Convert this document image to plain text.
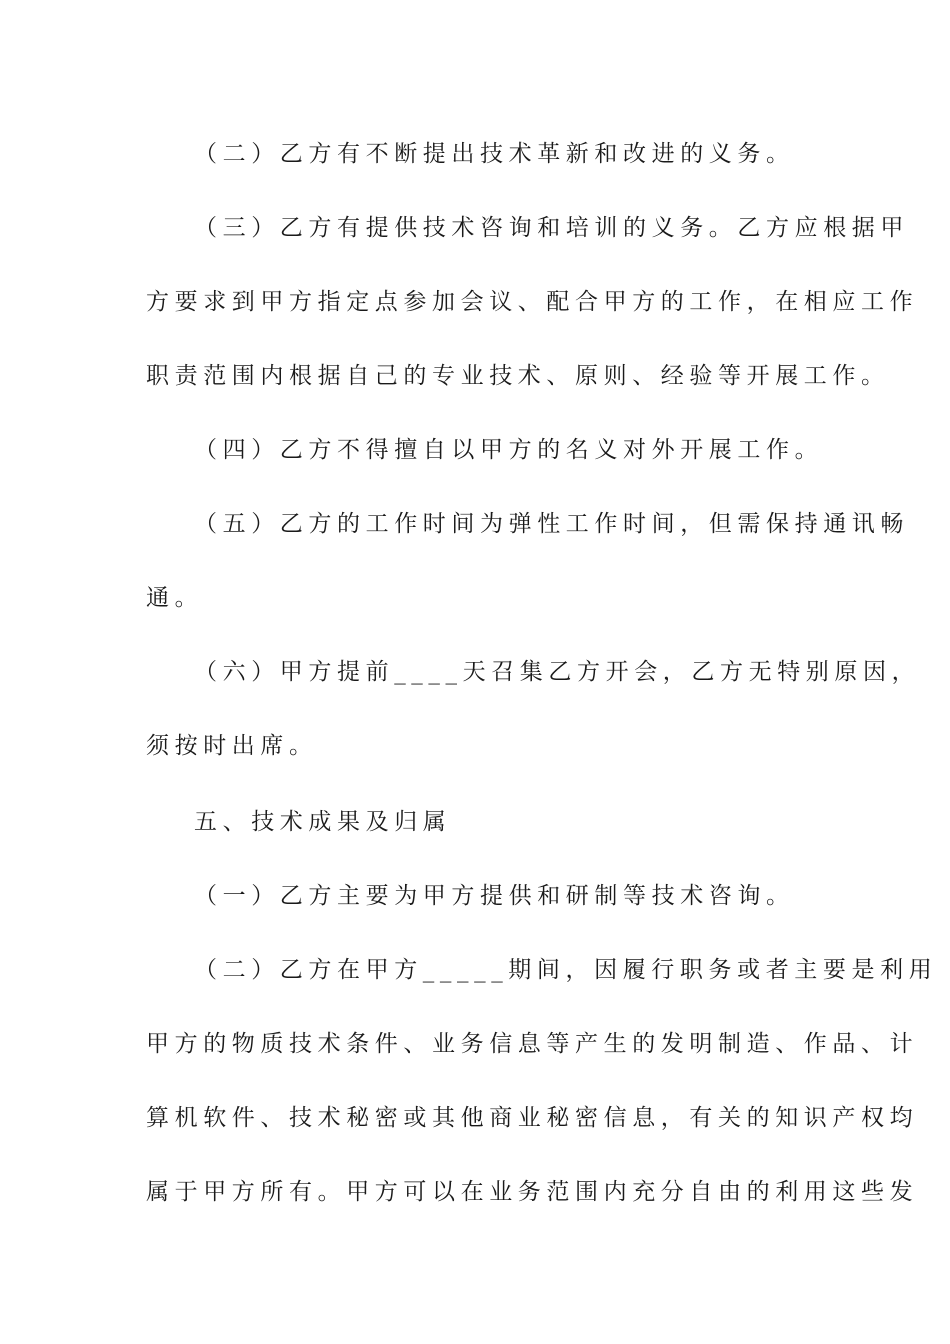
（二）乙方有不断提出技术革新和改进的义务。
（三）乙方有提供技术咨询和培训的义务。乙方应根据甲
方要求到甲方指定点参加会议、配合甲方的工作，在相应工作
职责范围内根据自己的专业技术、原则、经验等开展工作。
（四）乙方不得擅自以甲方的名义对外开展工作。
（五）乙方的工作时间为弹性工作时间，但需保持通讯畅
通。
（六）甲方提前____天召集乙方开会，乙方无特别原因，
须按时出席。
五、技术成果及归属
（一）乙方主要为甲方提供和研制等技术咨询。
（二）乙方在甲方_____期间，因履行职务或者主要是利用
甲方的物质技术条件、业务信息等产生的发明制造、作品、计
算机软件、技术秘密或其他商业秘密信息，有关的知识产权均
属于甲方所有。甲方可以在业务范围内充分自由的利用这些发
